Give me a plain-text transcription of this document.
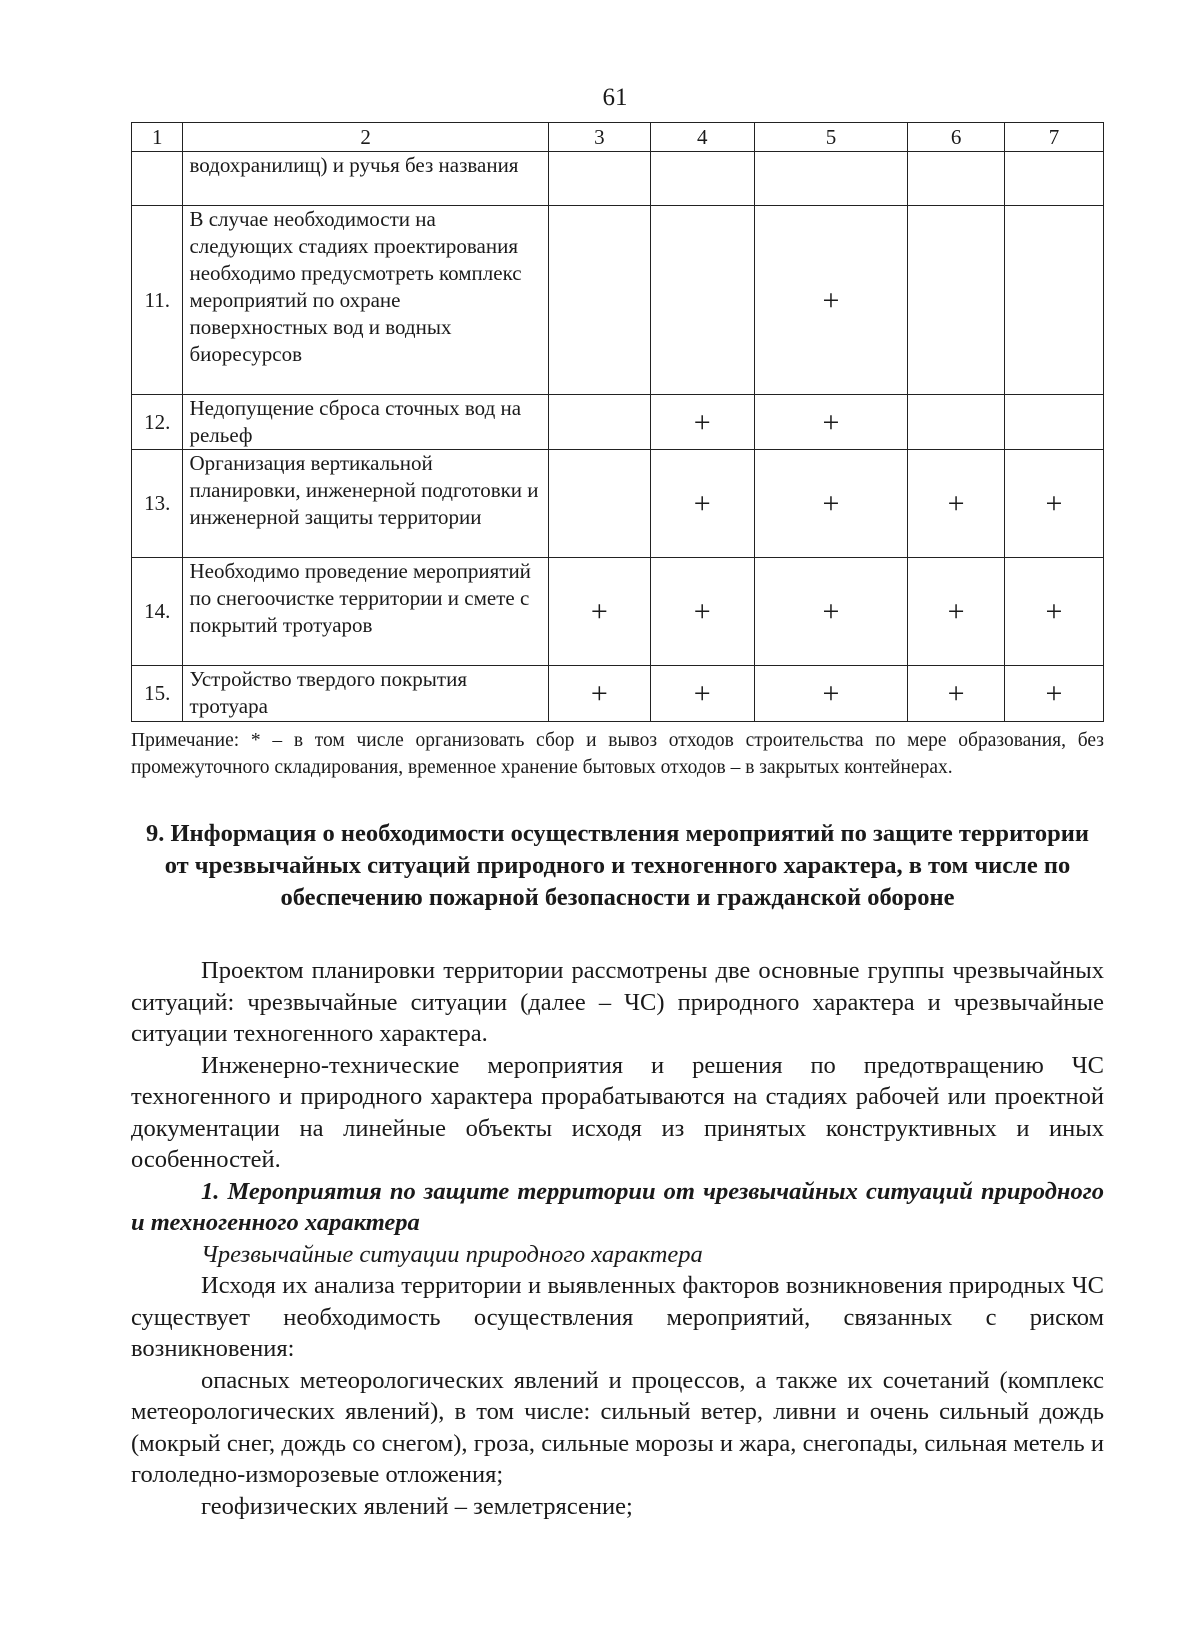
61
1	2	3	4	5	6	7
	водохранилищ) и ручья без названия					
11.	В случае необходимости на следующих стадиях проектирования необходимо предусмотреть комплекс мероприятий по охране поверхностных вод и водных биоресурсов			+		
12.	Недопущение сброса сточных вод на рельеф		+	+		
13.	Организация вертикальной планировки, инженерной подготовки и инженерной защиты территории		+	+	+	+
14.	Необходимо проведение мероприятий по снегоочистке территории и смете с покрытий тротуаров	+	+	+	+	+
15.	Устройство твердого покрытия тротуара	+	+	+	+	+
Примечание: * – в том числе организовать сбор и вывоз отходов строительства по мере образования, без промежуточного складирования, временное хранение бытовых отходов – в закрытых контейнерах.
9. Информация о необходимости осуществления мероприятий по защите территории от чрезвычайных ситуаций природного и техногенного характера, в том числе по обеспечению пожарной безопасности и гражданской обороне

Проектом планировки территории рассмотрены две основные группы чрезвычайных ситуаций: чрезвычайные ситуации (далее – ЧС) природного характера и чрезвычайные ситуации техногенного характера.

Инженерно-технические мероприятия и решения по предотвращению ЧС техногенного и природного характера прорабатываются на стадиях рабочей или проектной документации на линейные объекты исходя из принятых конструктивных и иных особенностей.

1. Мероприятия по защите территории от чрезвычайных ситуаций природного и техногенного характера

Чрезвычайные ситуации природного характера

Исходя их анализа территории и выявленных факторов возникновения природных ЧС существует необходимость осуществления мероприятий, связанных с риском возникновения:

опасных метеорологических явлений и процессов, а также их сочетаний (комплекс метеорологических явлений), в том числе: сильный ветер, ливни и очень сильный дождь (мокрый снег, дождь со снегом), гроза, сильные морозы и жара, снегопады, сильная метель и гололедно-изморозевые отложения;

геофизических явлений – землетрясение;
